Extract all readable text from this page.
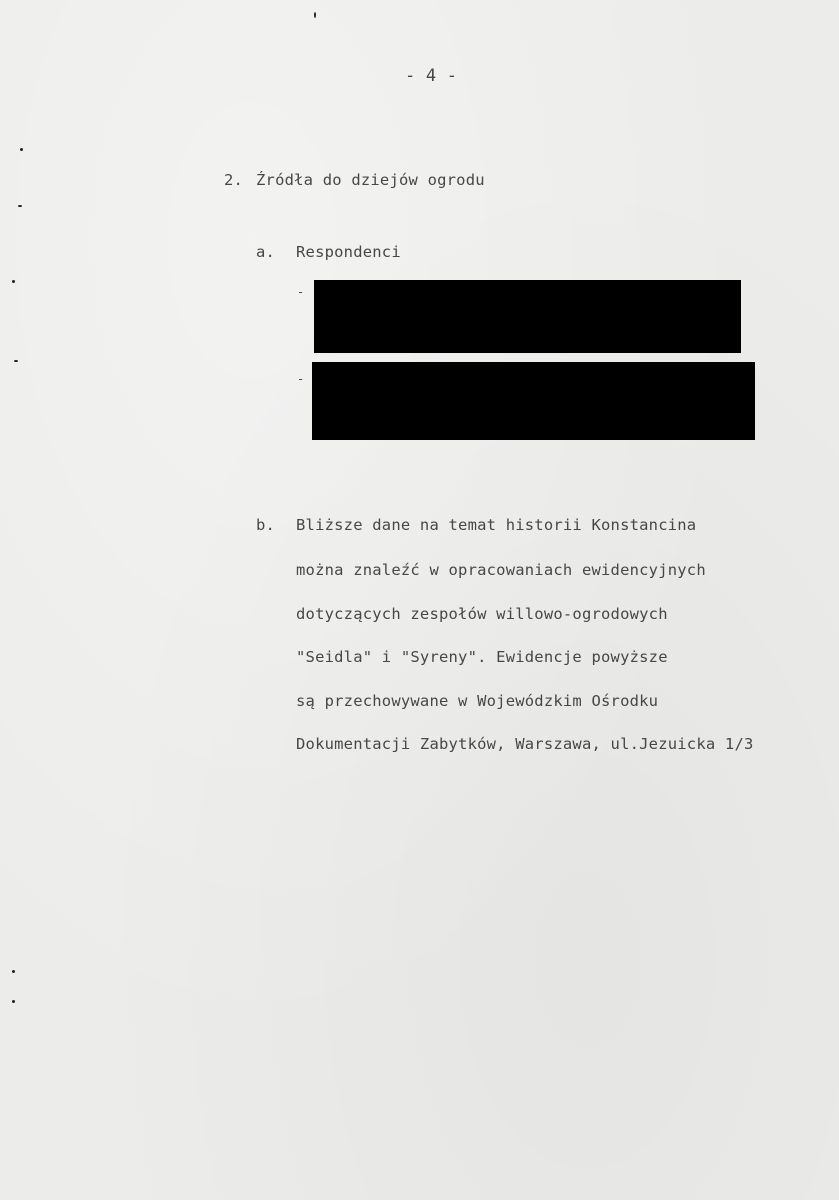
- 4 -
2. Źródła do dziejów ogrodu
a. Respondenci
-
-
b. Bliższe dane na temat historii Konstancina
można znaleźć w opracowaniach ewidencyjnych
dotyczących zespołów willowo-ogrodowych
"Seidla" i "Syreny". Ewidencje powyższe
są przechowywane w Wojewódzkim Ośrodku
Dokumentacji Zabytków, Warszawa, ul.Jezuicka 1/3
